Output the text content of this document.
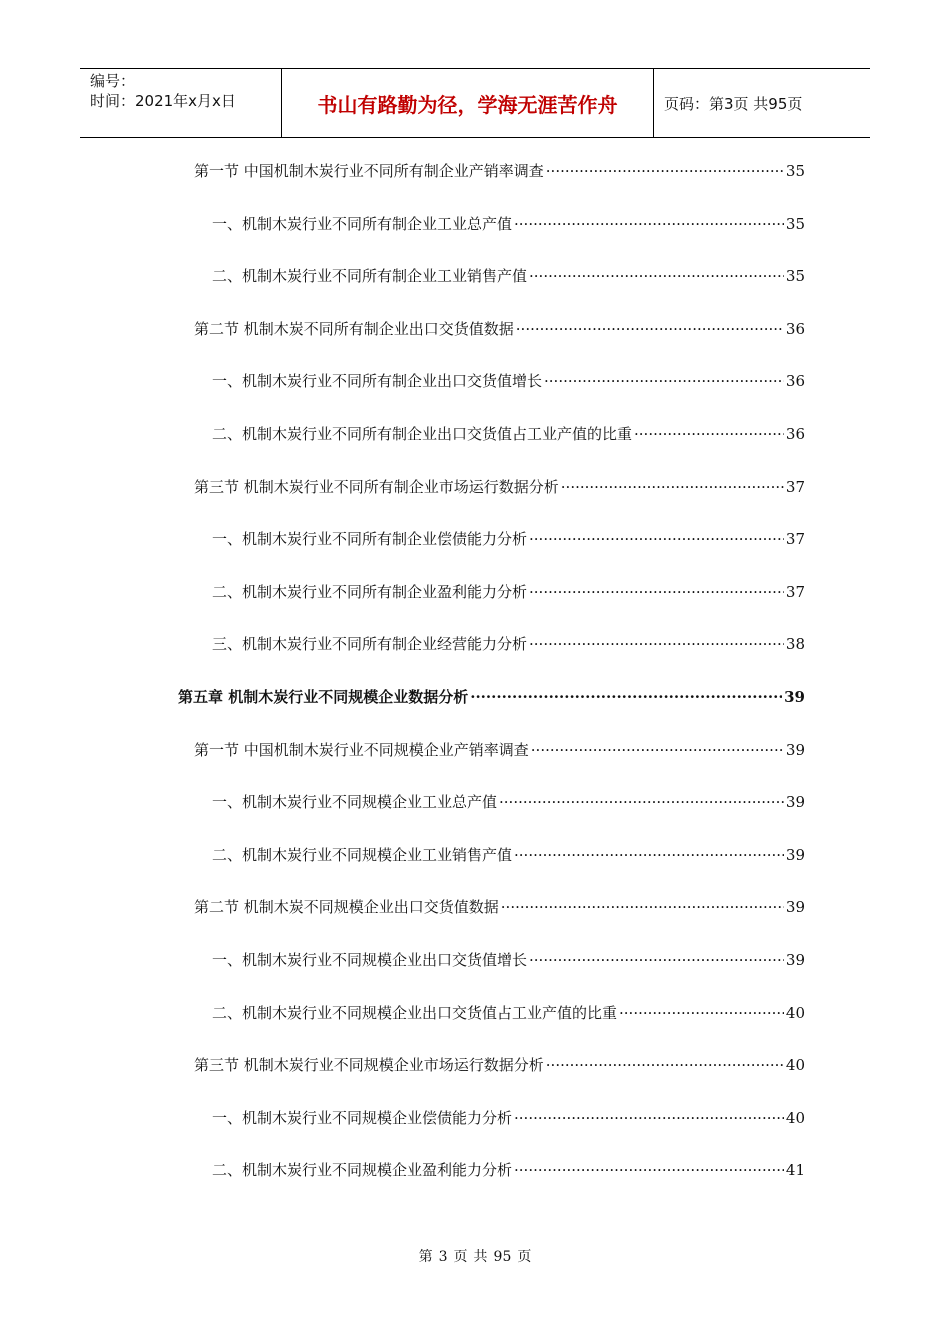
编号：
时间：2021年x月x日	书山有路勤为径，学海无涯苦作舟	页码：第3页 共95页
第一节 中国机制木炭行业不同所有制企业产销率调查 ·····	35
一、机制木炭行业不同所有制企业工业总产值 ·····	35
二、机制木炭行业不同所有制企业工业销售产值 ·····	35
第二节 机制木炭不同所有制企业出口交货值数据 ·····	36
一、机制木炭行业不同所有制企业出口交货值增长 ·····	36
二、机制木炭行业不同所有制企业出口交货值占工业产值的比重 ·····	36
第三节 机制木炭行业不同所有制企业市场运行数据分析 ·····	37
一、机制木炭行业不同所有制企业偿债能力分析 ·····	37
二、机制木炭行业不同所有制企业盈利能力分析 ·····	37
三、机制木炭行业不同所有制企业经营能力分析 ·····	38
第五章 机制木炭行业不同规模企业数据分析 ·····	39
第一节 中国机制木炭行业不同规模企业产销率调查 ·····	39
一、机制木炭行业不同规模企业工业总产值 ·····	39
二、机制木炭行业不同规模企业工业销售产值 ·····	39
第二节 机制木炭不同规模企业出口交货值数据 ·····	39
一、机制木炭行业不同规模企业出口交货值增长 ·····	39
二、机制木炭行业不同规模企业出口交货值占工业产值的比重 ·····	40
第三节 机制木炭行业不同规模企业市场运行数据分析 ·····	40
一、机制木炭行业不同规模企业偿债能力分析 ·····	40
二、机制木炭行业不同规模企业盈利能力分析 ·····	41
第 3 页 共 95 页
